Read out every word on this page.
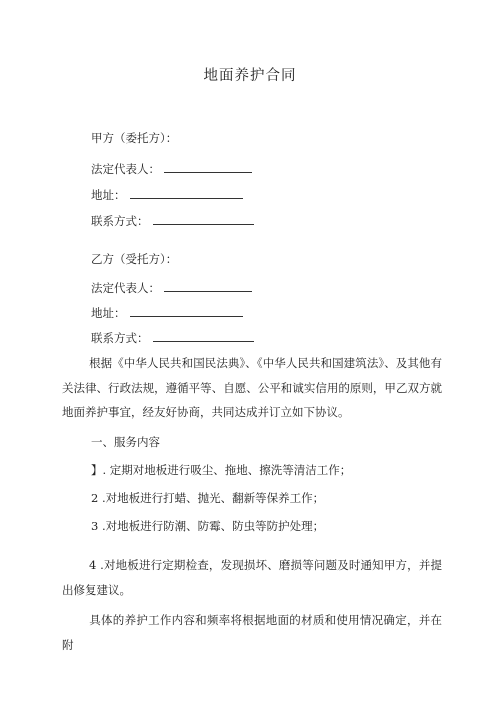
地面养护合同
甲方（委托方）：
法定代表人：
地址：
联系方式：
乙方（受托方）：
法定代表人：
地址：
联系方式：
根据《中华人民共和国民法典》、《中华人民共和国建筑法》、及其他有关法律、行政法规，遵循平等、自愿、公平和诚实信用的原则，甲乙双方就地面养护事宜，经友好协商，共同达成并订立如下协议。
一、服务内容
】. 定期对地板进行吸尘、拖地、擦洗等清洁工作；
2 .对地板进行打蜡、抛光、翻新等保养工作；
3 .对地板进行防潮、防霉、防虫等防护处理；
4 .对地板进行定期检查，发现损坏、磨损等问题及时通知甲方，并提出修复建议。
具体的养护工作内容和频率将根据地面的材质和使用情况确定，并在附
